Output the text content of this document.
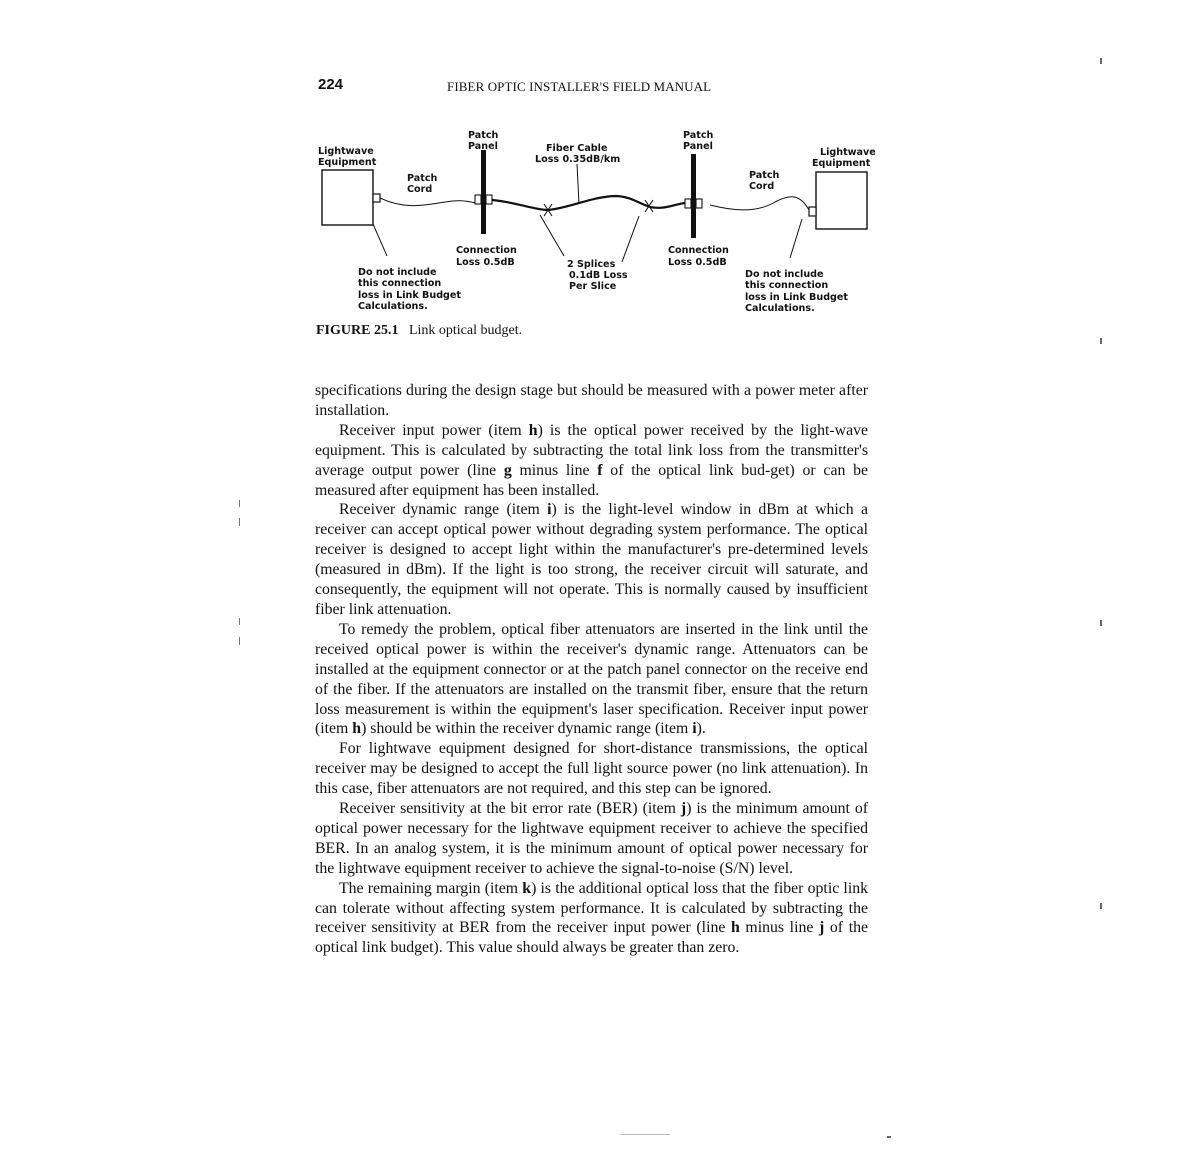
224	FIBER OPTIC INSTALLER'S FIELD MANUAL
Lightwave Equipment
Patch Panel	Fiber Cable Loss 0.35dB/km
Patch Panel
Lightwave Equipment
Patch Cord
Patch Cord
Connection Loss 0.5dB
Connection Loss 0.5dB
2 Splices 0.1dB Loss Per Slice
Do not include this connection loss in Link Budget Calculations.
Do not include this connection loss in Link Budget Calculations.
FIGURE 25.1 Link optical budget.

specifications during the design stage but should be measured with a power meter after installation.

Receiver input power (item h) is the optical power received by the light-wave equipment. This is calculated by subtracting the total link loss from the transmitter's average output power (line g minus line f of the optical link bud-get) or can be measured after equipment has been installed.

Receiver dynamic range (item i) is the light-level window in dBm at which a receiver can accept optical power without degrading system performance. The optical receiver is designed to accept light within the manufacturer's pre-determined levels (measured in dBm). If the light is too strong, the receiver circuit will saturate, and consequently, the equipment will not operate. This is normally caused by insufficient fiber link attenuation.

To remedy the problem, optical fiber attenuators are inserted in the link until the received optical power is within the receiver's dynamic range. Attenuators can be installed at the equipment connector or at the patch panel connector on the receive end of the fiber. If the attenuators are installed on the transmit fiber, ensure that the return loss measurement is within the equipment's laser specification. Receiver input power (item h) should be within the receiver dynamic range (item i).

For lightwave equipment designed for short-distance transmissions, the optical receiver may be designed to accept the full light source power (no link attenuation). In this case, fiber attenuators are not required, and this step can be ignored.

Receiver sensitivity at the bit error rate (BER) (item j) is the minimum amount of optical power necessary for the lightwave equipment receiver to achieve the specified BER. In an analog system, it is the minimum amount of optical power necessary for the lightwave equipment receiver to achieve the signal-to-noise (S/N) level.

The remaining margin (item k) is the additional optical loss that the fiber optic link can tolerate without affecting system performance. It is calculated by subtracting the receiver sensitivity at BER from the receiver input power (line h minus line j of the optical link budget). This value should always be greater than zero.
